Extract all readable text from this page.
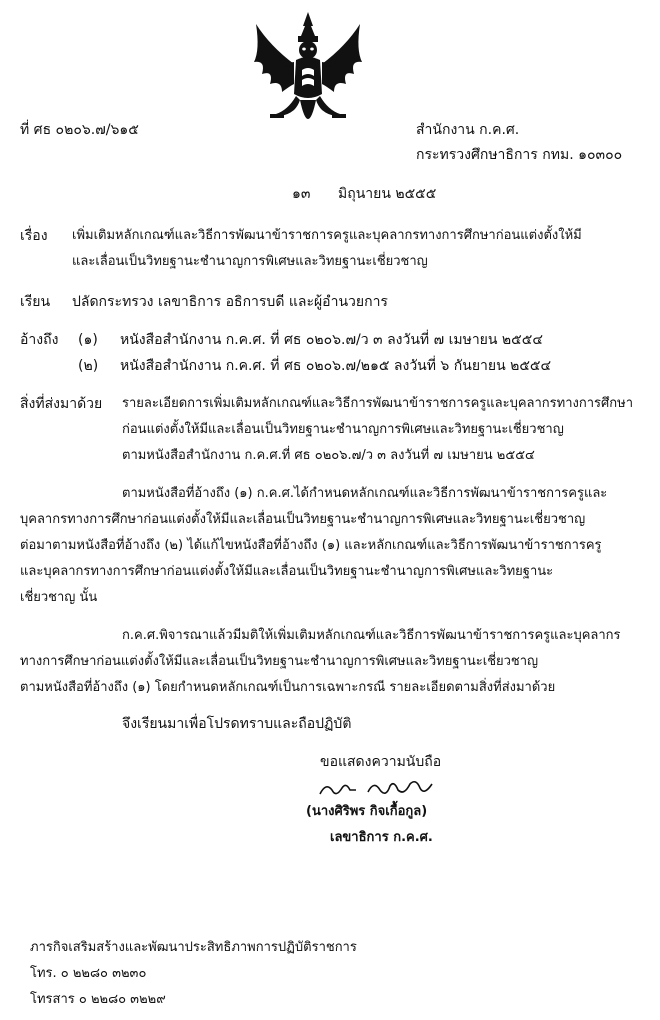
ที่ ศธ ๐๒๐๖.๗/๖๑๕	สำนักงาน ก.ค.ศ.
กระทรวงศึกษาธิการ กทม. ๑๐๓๐๐
๑๓ มิถุนายน ๒๕๕๕
เรื่อง เพิ่มเติมหลักเกณฑ์และวิธีการพัฒนาข้าราชการครูและบุคลากรทางการศึกษาก่อนแต่งตั้งให้มี
และเลื่อนเป็นวิทยฐานะชำนาญการพิเศษและวิทยฐานะเชี่ยวชาญ
เรียน ปลัดกระทรวง เลขาธิการ อธิการบดี และผู้อำนวยการ
อ้างถึง (๑) หนังสือสำนักงาน ก.ค.ศ. ที่ ศธ ๐๒๐๖.๗/ว ๓ ลงวันที่ ๗ เมษายน ๒๕๕๔
(๒) หนังสือสำนักงาน ก.ค.ศ. ที่ ศธ ๐๒๐๖.๗/๒๑๕ ลงวันที่ ๖ กันยายน ๒๕๕๔
สิ่งที่ส่งมาด้วย รายละเอียดการเพิ่มเติมหลักเกณฑ์และวิธีการพัฒนาข้าราชการครูและบุคลากรทางการศึกษา
ก่อนแต่งตั้งให้มีและเลื่อนเป็นวิทยฐานะชำนาญการพิเศษและวิทยฐานะเชี่ยวชาญ
ตามหนังสือสำนักงาน ก.ค.ศ.ที่ ศธ ๐๒๐๖.๗/ว ๓ ลงวันที่ ๗ เมษายน ๒๕๕๔
ตามหนังสือที่อ้างถึง (๑) ก.ค.ศ.ได้กำหนดหลักเกณฑ์และวิธีการพัฒนาข้าราชการครูและ
บุคลากรทางการศึกษาก่อนแต่งตั้งให้มีและเลื่อนเป็นวิทยฐานะชำนาญการพิเศษและวิทยฐานะเชี่ยวชาญ
ต่อมาตามหนังสือที่อ้างถึง (๒) ได้แก้ไขหนังสือที่อ้างถึง (๑) และหลักเกณฑ์และวิธีการพัฒนาข้าราชการครู
และบุคลากรทางการศึกษาก่อนแต่งตั้งให้มีและเลื่อนเป็นวิทยฐานะชำนาญการพิเศษและวิทยฐานะ
เชี่ยวชาญ นั้น
ก.ค.ศ.พิจารณาแล้วมีมติให้เพิ่มเติมหลักเกณฑ์และวิธีการพัฒนาข้าราชการครูและบุคลากร
ทางการศึกษาก่อนแต่งตั้งให้มีและเลื่อนเป็นวิทยฐานะชำนาญการพิเศษและวิทยฐานะเชี่ยวชาญ
ตามหนังสือที่อ้างถึง (๑) โดยกำหนดหลักเกณฑ์เป็นการเฉพาะกรณี รายละเอียดตามสิ่งที่ส่งมาด้วย
จึงเรียนมาเพื่อโปรดทราบและถือปฏิบัติ
ขอแสดงความนับถือ
(นางศิริพร กิจเกื้อกูล)
เลขาธิการ ก.ค.ศ.
ภารกิจเสริมสร้างและพัฒนาประสิทธิภาพการปฏิบัติราชการ
โทร. ๐ ๒๒๘๐ ๓๒๓๐
โทรสาร ๐ ๒๒๘๐ ๓๒๒๙
